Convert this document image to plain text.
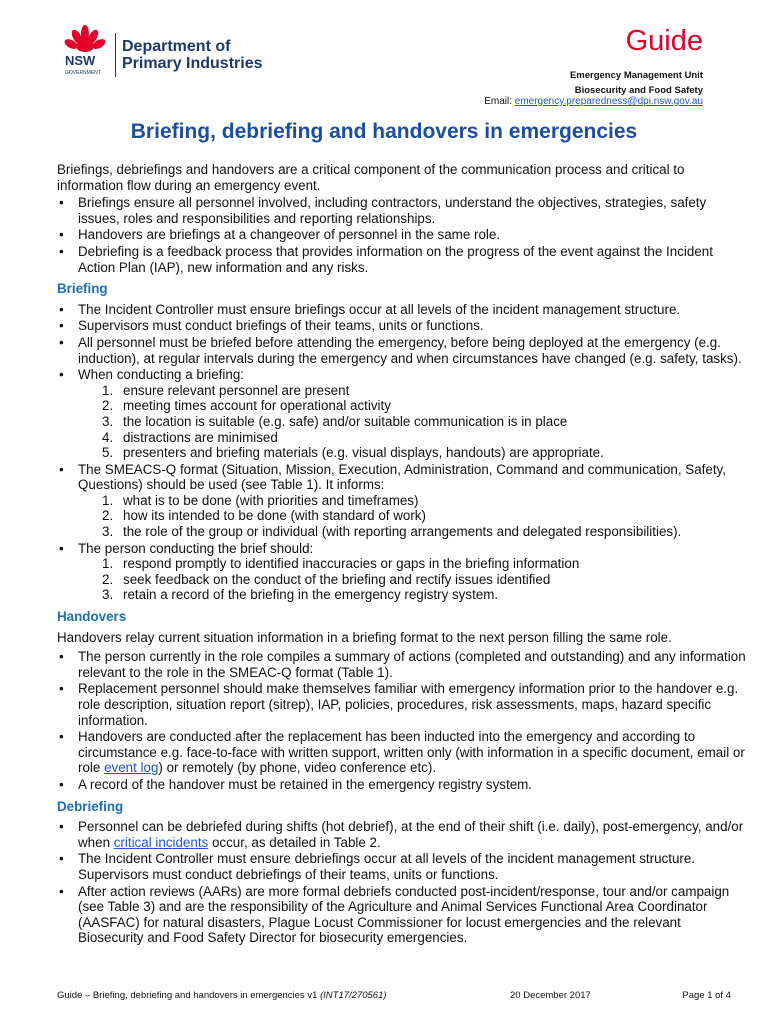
NSW
GOVERNMENT
Department of
Primary Industries
Guide
Emergency Management Unit
Biosecurity and Food Safety
Email: emergency.preparedness@dpi.nsw.gov.au
Briefing, debriefing and handovers in emergencies

Briefings, debriefings and handovers are a critical component of the communication process and critical to information flow during an emergency event.

• Briefings ensure all personnel involved, including contractors, understand the objectives, strategies, safety issues, roles and responsibilities and reporting relationships.
• Handovers are briefings at a changeover of personnel in the same role.
• Debriefing is a feedback process that provides information on the progress of the event against the Incident Action Plan (IAP), new information and any risks.
Briefing
• The Incident Controller must ensure briefings occur at all levels of the incident management structure.
• Supervisors must conduct briefings of their teams, units or functions.
• All personnel must be briefed before attending the emergency, before being deployed at the emergency (e.g. induction), at regular intervals during the emergency and when circumstances have changed (e.g. safety, tasks).
• When conducting a briefing:
1. ensure relevant personnel are present
2. meeting times account for operational activity
3. the location is suitable (e.g. safe) and/or suitable communication is in place
4. distractions are minimised
5. presenters and briefing materials (e.g. visual displays, handouts) are appropriate.
• The SMEACS-Q format (Situation, Mission, Execution, Administration, Command and communication, Safety, Questions) should be used (see Table 1). It informs:
1. what is to be done (with priorities and timeframes)
2. how its intended to be done (with standard of work)
3. the role of the group or individual (with reporting arrangements and delegated responsibilities).
• The person conducting the brief should:
1. respond promptly to identified inaccuracies or gaps in the briefing information
2. seek feedback on the conduct of the briefing and rectify issues identified
3. retain a record of the briefing in the emergency registry system.
Handovers

Handovers relay current situation information in a briefing format to the next person filling the same role.

• The person currently in the role compiles a summary of actions (completed and outstanding) and any information relevant to the role in the SMEAC-Q format (Table 1).
• Replacement personnel should make themselves familiar with emergency information prior to the handover e.g. role description, situation report (sitrep), IAP, policies, procedures, risk assessments, maps, hazard specific information.
• Handovers are conducted after the replacement has been inducted into the emergency and according to circumstance e.g. face-to-face with written support, written only (with information in a specific document, email or role event log) or remotely (by phone, video conference etc).
• A record of the handover must be retained in the emergency registry system.
Debriefing
• Personnel can be debriefed during shifts (hot debrief), at the end of their shift (i.e. daily), post-emergency, and/or when critical incidents occur, as detailed in Table 2.
• The Incident Controller must ensure debriefings occur at all levels of the incident management structure. Supervisors must conduct debriefings of their teams, units or functions.
• After action reviews (AARs) are more formal debriefs conducted post-incident/response, tour and/or campaign (see Table 3) and are the responsibility of the Agriculture and Animal Services Functional Area Coordinator (AASFAC) for natural disasters, Plague Locust Commissioner for locust emergencies and the relevant Biosecurity and Food Safety Director for biosecurity emergencies.
Guide – Briefing, debriefing and handovers in emergencies v1 (INT17/270561)	20 December 2017	Page 1 of 4
